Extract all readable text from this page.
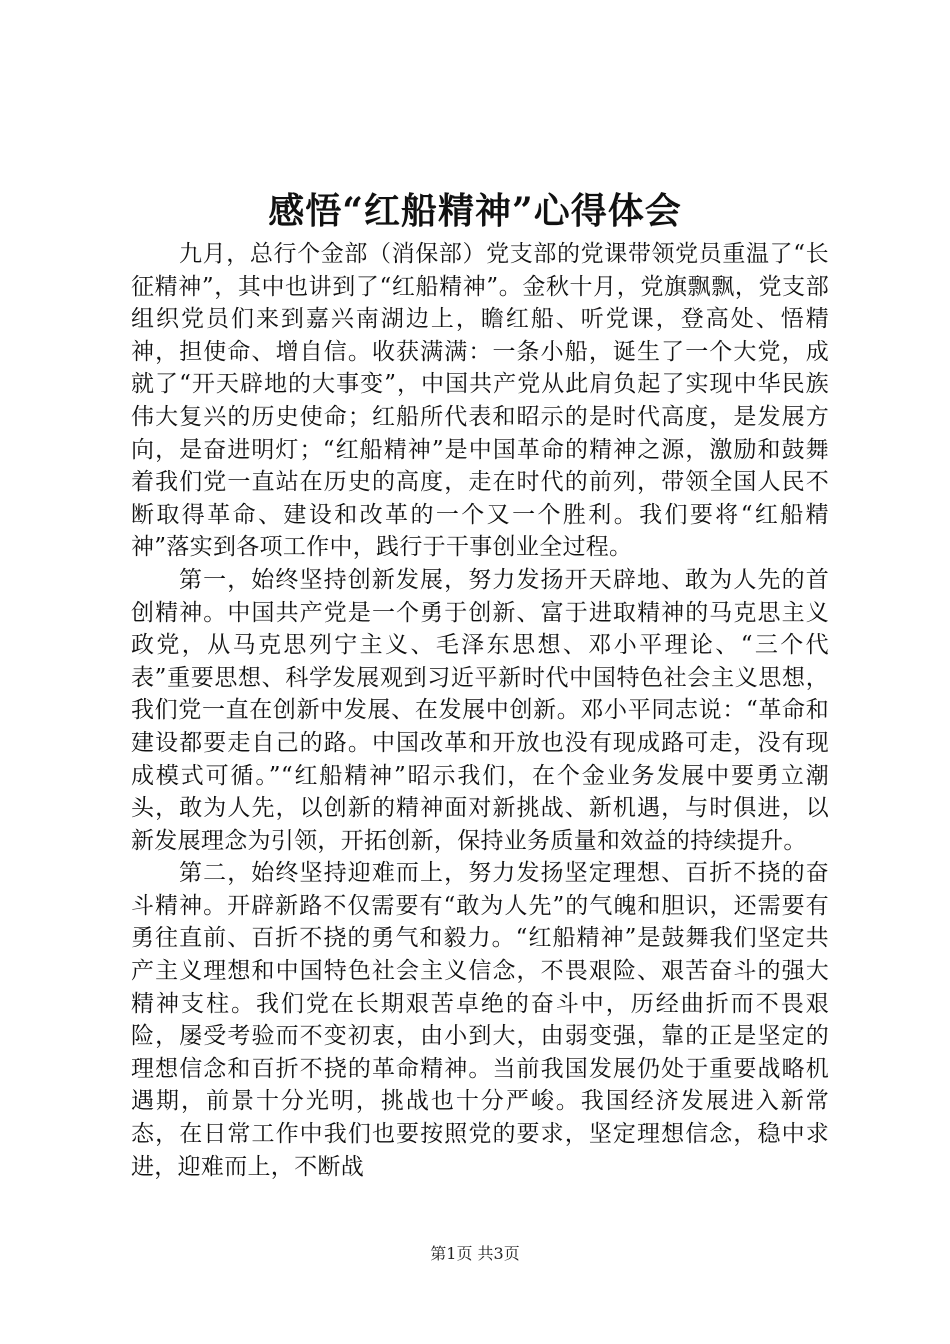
感悟“红船精神”心得体会

九月，总行个金部（消保部）党支部的党课带领党员重温了“长征精神”，其中也讲到了“红船精神”。金秋十月，党旗飘飘，党支部组织党员们来到嘉兴南湖边上，瞻红船、听党课，登高处、悟精神，担使命、增自信。收获满满：一条小船，诞生了一个大党，成就了“开天辟地的大事变”，中国共产党从此肩负起了实现中华民族伟大复兴的历史使命；红船所代表和昭示的是时代高度，是发展方向，是奋进明灯；“红船精神”是中国革命的精神之源，激励和鼓舞着我们党一直站在历史的高度，走在时代的前列，带领全国人民不断取得革命、建设和改革的一个又一个胜利。我们要将“红船精神”落实到各项工作中，践行于干事创业全过程。

第一，始终坚持创新发展，努力发扬开天辟地、敢为人先的首创精神。中国共产党是一个勇于创新、富于进取精神的马克思主义政党，从马克思列宁主义、毛泽东思想、邓小平理论、“三个代表”重要思想、科学发展观到习近平新时代中国特色社会主义思想，我们党一直在创新中发展、在发展中创新。邓小平同志说：“革命和建设都要走自己的路。中国改革和开放也没有现成路可走，没有现成模式可循。”“红船精神”昭示我们，在个金业务发展中要勇立潮头，敢为人先，以创新的精神面对新挑战、新机遇，与时俱进，以新发展理念为引领，开拓创新，保持业务质量和效益的持续提升。

第二，始终坚持迎难而上，努力发扬坚定理想、百折不挠的奋斗精神。开辟新路不仅需要有“敢为人先”的气魄和胆识，还需要有勇往直前、百折不挠的勇气和毅力。“红船精神”是鼓舞我们坚定共产主义理想和中国特色社会主义信念，不畏艰险、艰苦奋斗的强大精神支柱。我们党在长期艰苦卓绝的奋斗中，历经曲折而不畏艰险，屡受考验而不变初衷，由小到大，由弱变强，靠的正是坚定的理想信念和百折不挠的革命精神。当前我国发展仍处于重要战略机遇期，前景十分光明，挑战也十分严峻。我国经济发展进入新常态，在日常工作中我们也要按照党的要求，坚定理想信念，稳中求进，迎难而上，不断战

第1页 共3页
